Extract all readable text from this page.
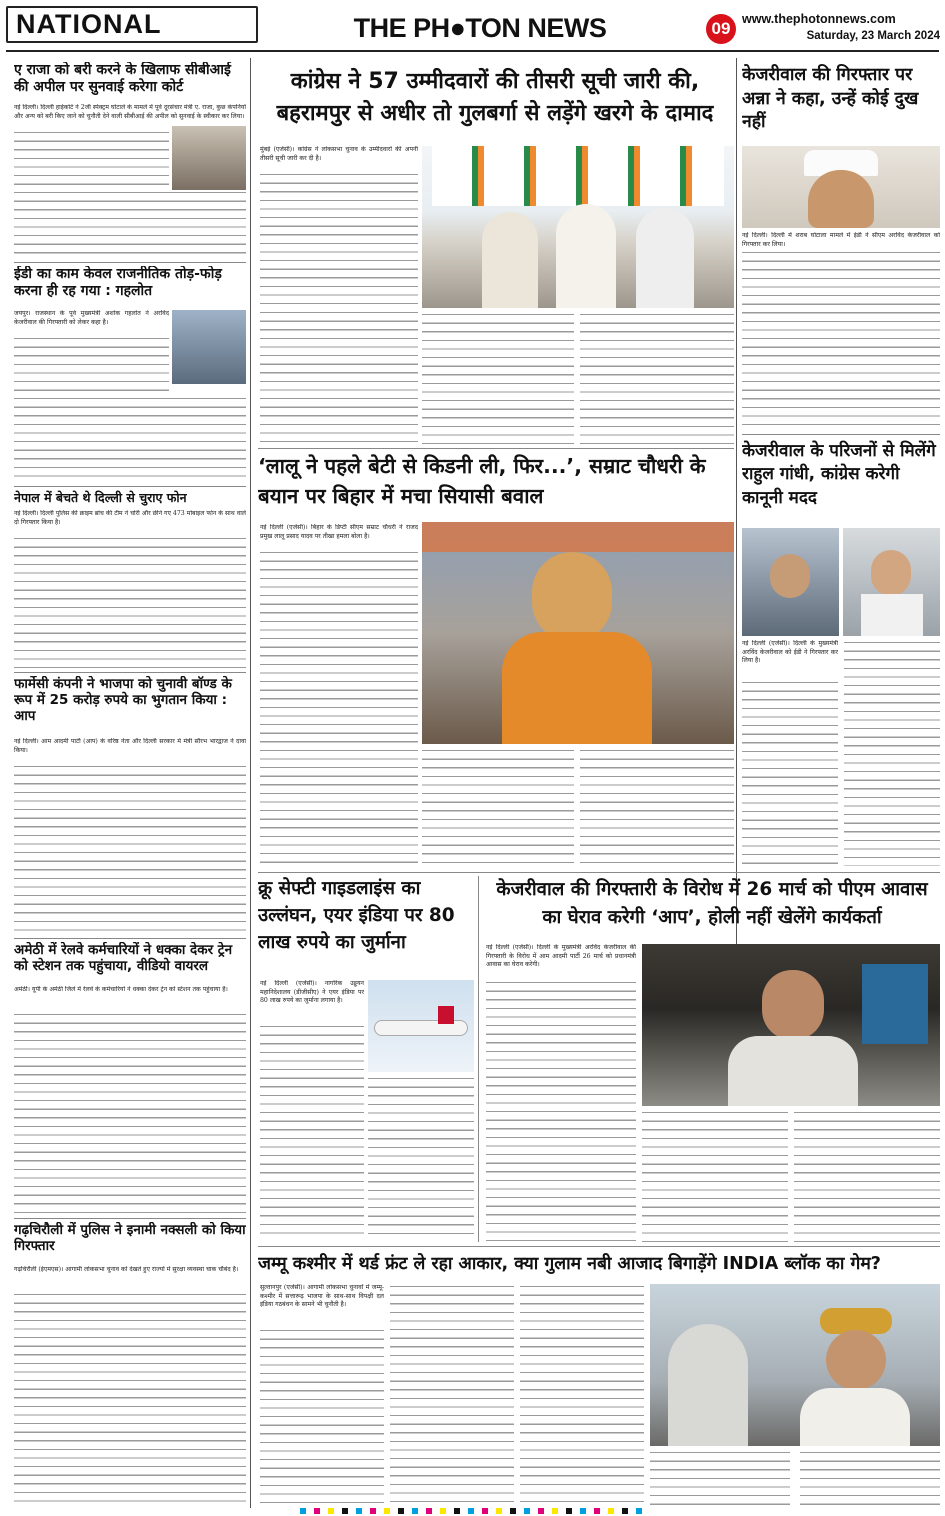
NATIONAL	THE PH●TON NEWS	09 www.thephotonnews.com
Saturday, 23 March 2024
ए राजा को बरी करने के खिलाफ सीबीआई की अपील पर सुनवाई करेगा कोर्ट
नई दिल्ली। दिल्ली हाईकोर्ट ने 2जी स्पेक्ट्रम घोटाले के मामले में पूर्व दूरसंचार मंत्री ए. राजा, कुछ कंपनियों और अन्य को बरी किए जाने को चुनौती देने वाली सीबीआई की अपील को सुनवाई के स्वीकार कर लिया।
ईडी का काम केवल राजनीतिक तोड़-फोड़ करना ही रह गया : गहलोत
जयपुर। राजस्थान के पूर्व मुख्यमंत्री अशोक गहलोत ने अरविंद केजरीवाल की गिरफ्तारी को लेकर कहा है।
नेपाल में बेचते थे दिल्ली से चुराए फोन
नई दिल्ली। दिल्ली पुलिस की क्राइम ब्रांच की टीम ने चोरी और छीने गए 473 मोबाइल फोन के साथ वाले दो गिरफ्तार किया है।
फार्मेसी कंपनी ने भाजपा को चुनावी बॉण्ड के रूप में 25 करोड़ रुपये का भुगतान किया : आप
नई दिल्ली। आम आदमी पार्टी (आप) के वरिष्ठ नेता और दिल्ली सरकार में मंत्री सौरभ भारद्वाज ने दावा किया।
अमेठी में रेलवे कर्मचारियों ने धक्का देकर ट्रेन को स्टेशन तक पहुंचाया, वीडियो वायरल
अमेठी। यूपी के अमेठी जिले में रेलवे के कर्मचारियों ने धक्का देकर ट्रेन को स्टेशन तक पहुंचाया है।
गढ़चिरौली में पुलिस ने इनामी नक्सली को किया गिरफ्तार
गढ़चिरौली (ईएमएस)। आगामी लोकसभा चुनाव को देखते हुए राज्यों में सुरक्षा व्यवस्था चाक चौबंद है।
कांग्रेस ने 57 उम्मीदवारों की तीसरी सूची जारी की, बहरामपुर से अधीर तो गुलबर्गा से लड़ेंगे खरगे के दामाद
मुंबई (एजेंसी)। कांग्रेस ने लोकसभा चुनाव के उम्मीदवारों की अपनी तीसरी सूची जारी कर दी है।
‘लालू ने पहले बेटी से किडनी ली, फिर...’, सम्राट चौधरी के बयान पर बिहार में मचा सियासी बवाल
नई दिल्ली (एजेंसी)। बिहार के डिप्टी सीएम सम्राट चौधरी ने राजद प्रमुख लालू प्रसाद यादव पर तीखा हमला बोला है।
केजरीवाल की गिरफ्तार पर अन्ना ने कहा, उन्हें कोई दुख नहीं
नई दिल्ली। दिल्ली में शराब घोटाला मामले में ईडी ने सीएम अरविंद केजरीवाल को गिरफ्तार कर लिया।
केजरीवाल के परिजनों से मिलेंगे राहुल गांधी, कांग्रेस करेगी कानूनी मदद
नई दिल्ली (एजेंसी)। दिल्ली के मुख्यमंत्री अरविंद केजरीवाल को ईडी ने गिरफ्तार कर लिया है।
क्रू सेफ्टी गाइडलाइंस का उल्लंघन, एयर इंडिया पर 80 लाख रुपये का जुर्माना
नई दिल्ली (एजेंसी)। नागरिक उड्डयन महानिदेशालय (डीजीसीए) ने एयर इंडिया पर 80 लाख रुपये का जुर्माना लगाया है।
केजरीवाल की गिरफ्तारी के विरोध में 26 मार्च को पीएम आवास का घेराव करेगी ‘आप’, होली नहीं खेलेंगे कार्यकर्ता
नई दिल्ली (एजेंसी)। दिल्ली के मुख्यमंत्री अरविंद केजरीवाल की गिरफ्तारी के विरोध में आम आदमी पार्टी 26 मार्च को प्रधानमंत्री आवास का घेराव करेगी।
जम्मू कश्मीर में थर्ड फ्रंट ले रहा आकार, क्या गुलाम नबी आजाद बिगाड़ेंगे INDIA ब्लॉक का गेम?
सुल्तानपुर (एजेंसी)। आगामी लोकसभा चुनावों में जम्मू-कश्मीर में सत्तारूढ़ भाजपा के साथ-साथ विपक्षी दल इंडिया गठबंधन के सामने भी चुनौती है।
